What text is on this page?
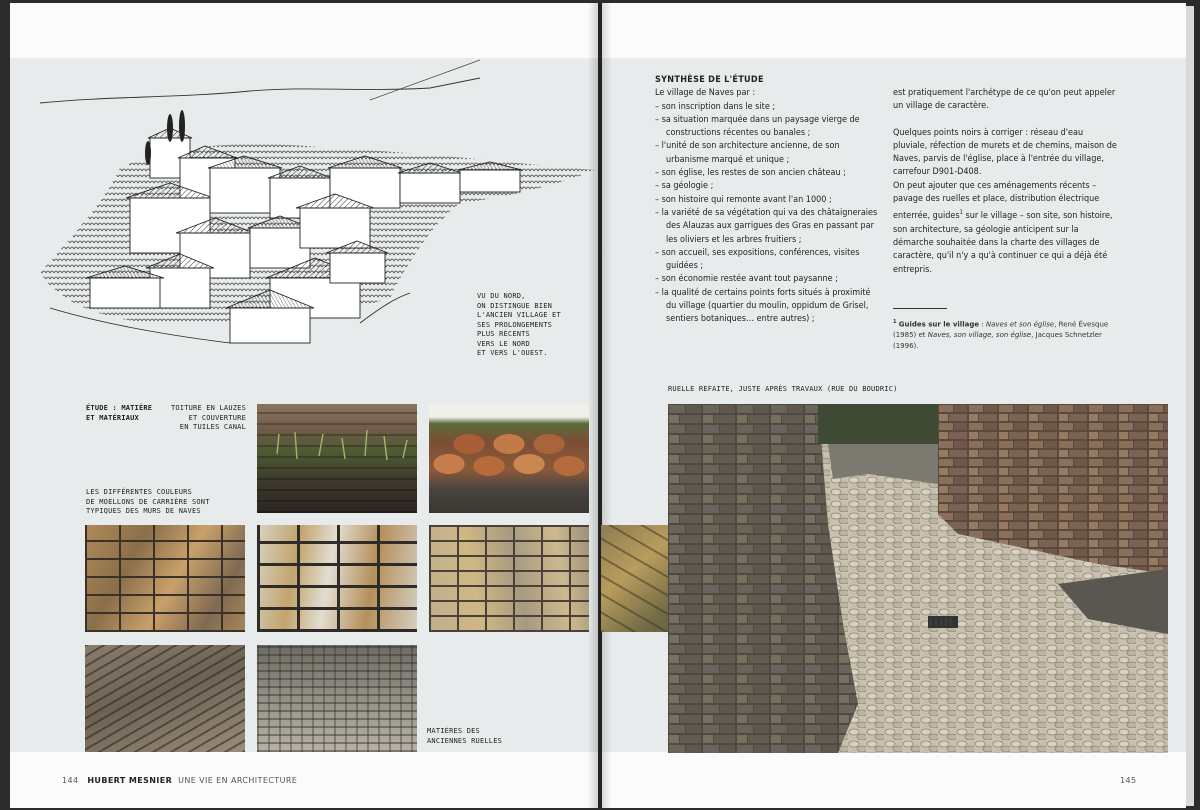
VU DU NORD,
ON DISTINGUE BIEN
L'ANCIEN VILLAGE ET
SES PROLONGEMENTS
PLUS RÉCENTS
VERS LE NORD
ET VERS L'OUEST.
ÉTUDE : MATIÈRE
ET MATÉRIAUX
TOITURE EN LAUZES
ET COUVERTURE
EN TUILES CANAL
LES DIFFÉRENTES COULEURS
DE MOELLONS DE CARRIÈRE SONT
TYPIQUES DES MURS DE NAVES
MATIÈRES DES
ANCIENNES RUELLES

SYNTHÈSE DE L'ÉTUDE

Le village de Naves par :

– son inscription dans le site ;

– sa situation marquée dans un paysage vierge de constructions récentes ou banales ;

– l'unité de son architecture ancienne, de son urbanisme marqué et unique ;

– son église, les restes de son ancien château ;

– sa géologie ;

– son histoire qui remonte avant l'an 1000 ;

– la variété de sa végétation qui va des châtaigneraies des Alauzas aux garrigues des Gras en passant par les oliviers et les arbres fruitiers ;

– son accueil, ses expositions, conférences, visites guidées ;

– son économie restée avant tout paysanne ;

– la qualité de certains points forts situés à proximité du village (quartier du moulin, oppidum de Grisel, sentiers botaniques… entre autres) ;

est pratiquement l'archétype de ce qu'on peut appeler un village de caractère.

Quelques points noirs à corriger : réseau d'eau pluviale, réfection de murets et de chemins, maison de Naves, parvis de l'église, place à l'entrée du village, carrefour D901-D408.

On peut ajouter que ces aménagements récents – pavage des ruelles et place, distribution électrique enterrée, guides$^1$ sur le village – son site, son histoire, son architecture, sa géologie anticipent sur la démarche souhaitée dans la charte des villages de caractère, qu'il n'y a qu'à continuer ce qui a déjà été entrepris.

$^1$ Guides sur le village : Naves et son église, René Évesque (1985) et Naves, son village, son église, Jacques Schnetzler (1996).
RUELLE REFAITE, JUSTE APRÈS TRAVAUX (RUE DU BOUDRIC)
144 HUBERT MESNIER UNE VIE EN ARCHITECTURE	145
